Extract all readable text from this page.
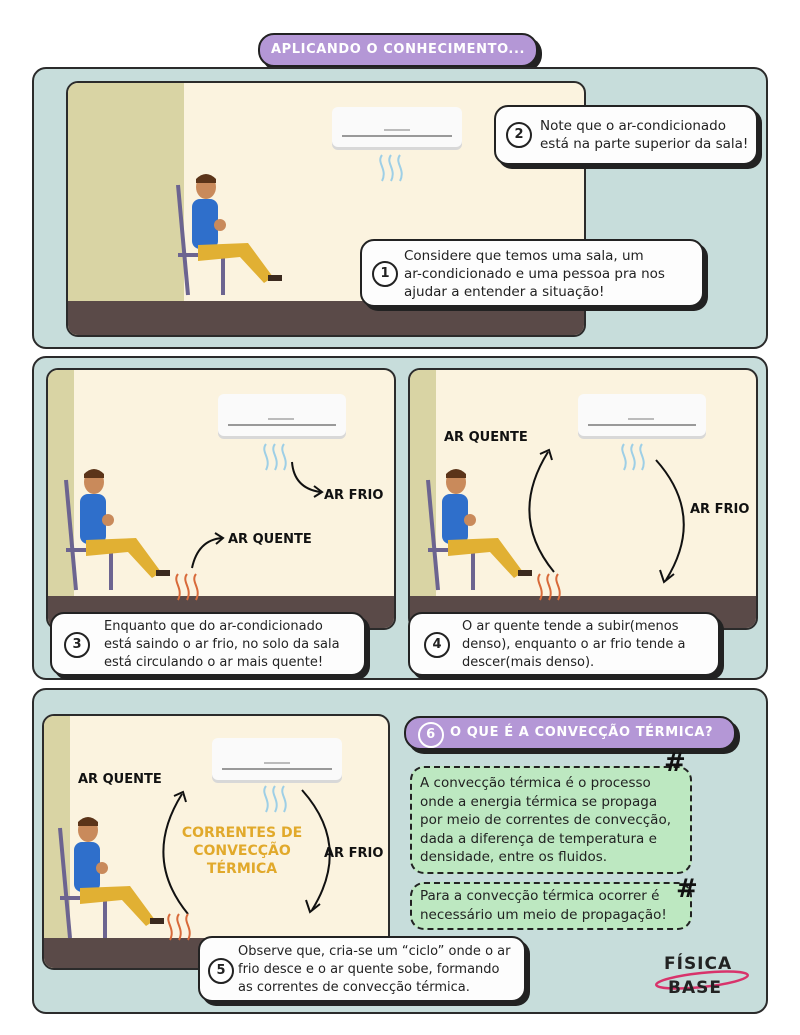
APLICANDO O CONHECIMENTO...
2
Note que o ar-condicionado
está na parte superior da sala!
1
Considere que temos uma sala, um
ar-condicionado e uma pessoa pra nos
ajudar a entender a situação!
AR FRIO
AR QUENTE
AR QUENTE
AR FRIO
3
Enquanto que do ar-condicionado
está saindo o ar frio, no solo da sala
está circulando o ar mais quente!
4
O ar quente tende a subir(menos
denso), enquanto o ar frio tende a
descer(mais denso).
AR QUENTE
CORRENTES DE
CONVECÇÃO
TÉRMICA
AR FRIO
5
Observe que, cria-se um “ciclo” onde o ar
frio desce e o ar quente sobe, formando
as correntes de convecção térmica.
6	O QUE É A CONVECÇÃO TÉRMICA?
A convecção térmica é o processo
onde a energia térmica se propaga
por meio de correntes de convecção,
dada a diferença de temperatura e
densidade, entre os fluidos.
#
Para a convecção térmica ocorrer é
necessário um meio de propagação!
#
FÍSICA
BASE
